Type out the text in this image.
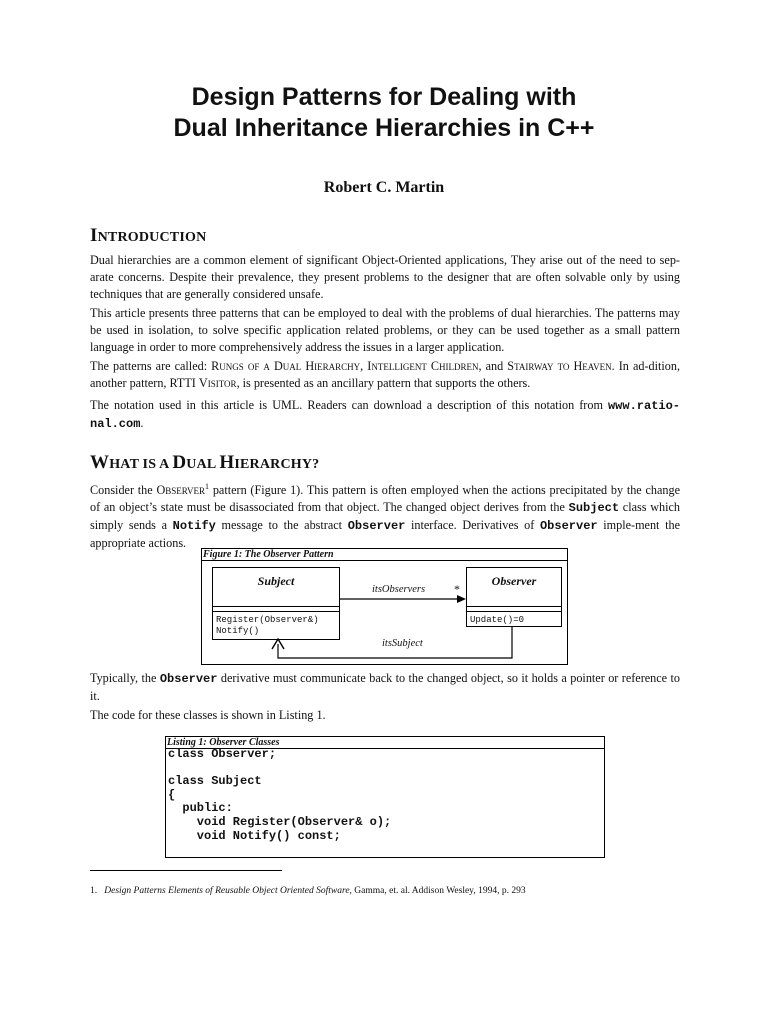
Design Patterns for Dealing with
Dual Inheritance Hierarchies in C++
Robert C. Martin
INTRODUCTION

Dual hierarchies are a common element of significant Object-Oriented applications, They arise out of the need to sep-arate concerns. Despite their prevalence, they present problems to the designer that are often solvable only by using techniques that are generally considered unsafe.

This article presents three patterns that can be employed to deal with the problems of dual hierarchies. The patterns may be used in isolation, to solve specific application related problems, or they can be used together as a small pattern language in order to more comprehensively address the issues in a larger application.

The patterns are called: Rungs of a Dual Hierarchy, Intelligent Children, and Stairway to Heaven. In ad-dition, another pattern, RTTI Visitor, is presented as an ancillary pattern that supports the others.

The notation used in this article is UML. Readers can download a description of this notation from www.ratio-nal.com.

WHAT IS A DUAL HIERARCHY?

Consider the Observer$^1$ pattern (Figure 1). This pattern is often employed when the actions precipitated by the change of an object’s state must be disassociated from that object. The changed object derives from the Subject class which simply sends a Notify message to the abstract Observer interface. Derivatives of Observer imple-ment the appropriate actions.

Figure 1: The Observer Pattern
Subject
Register(Observer&)
Notify()
Observer
Update()=0
itsObservers *
itsSubject

Typically, the Observer derivative must communicate back to the changed object, so it holds a pointer or reference to it.

The code for these classes is shown in Listing 1.

Listing 1: Observer Classes
class Observer;

class Subject
{
public:
void Register(Observer& o);
void Notify() const;
1. Design Patterns Elements of Reusable Object Oriented Software, Gamma, et. al. Addison Wesley, 1994, p. 293
